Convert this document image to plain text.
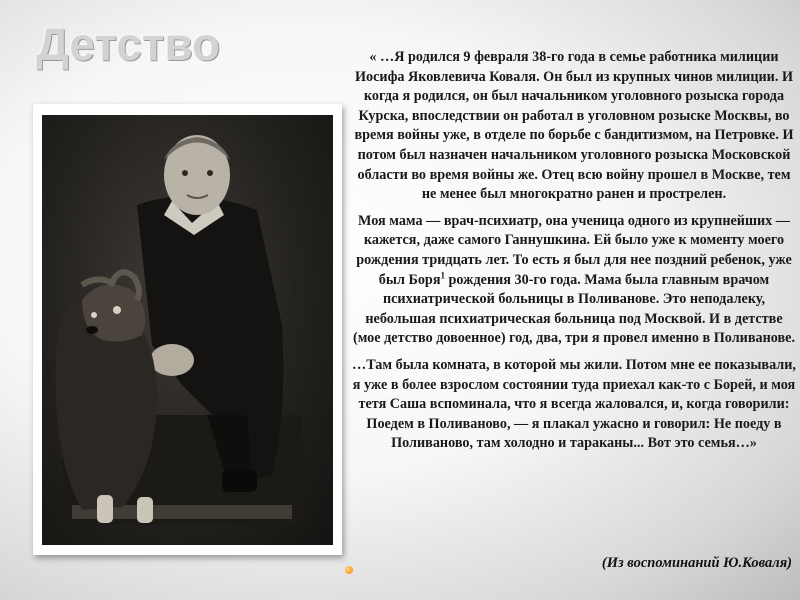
Детство	« …Я родился 9 февраля 38-го года в семье работника милиции Иосифа Яковлевича Коваля. Он был из крупных чинов милиции. И когда я родился, он был начальником уголовного розыска города Курска, впоследствии он работал в уголовном розыске Москвы, во время войны уже, в отделе по борьбе с бандитизмом, на Петровке. И потом был назначен начальником уголовного розыска Московской области во время войны же. Отец всю войну прошел в Москве, тем не менее был многократно ранен и прострелен.

Моя мама — врач-психиатр, она ученица одного из крупнейших — кажется, даже самого Ганнушкина. Ей было уже к моменту моего рождения тридцать лет. То есть я был для нее поздний ребенок, уже был Боря$^1$ рождения 30-го года. Мама была главным врачом психиатрической больницы в Поливанове. Это неподалеку, небольшая психиатрическая больница под Москвой. И в детстве (мое детство довоенное) год, два, три я провел именно в Поливанове.

…Там была комната, в которой мы жили. Потом мне ее показывали, я уже в более взрослом состоянии туда приехал как-то с Борей, и моя тетя Саша вспоминала, что я всегда жаловался, и, когда говорили: Поедем в Поливаново, — я плакал ужасно и говорил: Не поеду в Поливаново, там холодно и тараканы... Вот это семья…»

(Из воспоминаний Ю.Коваля)
